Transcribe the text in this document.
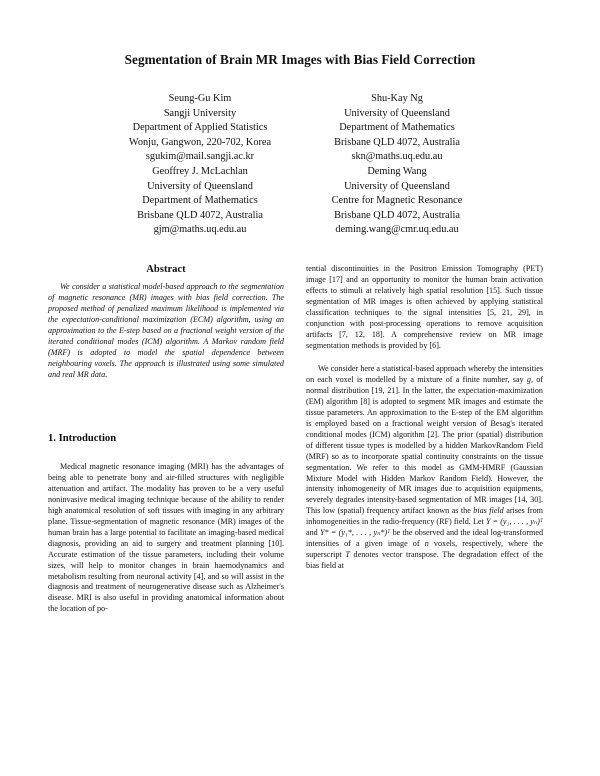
Segmentation of Brain MR Images with Bias Field Correction
Seung-Gu Kim
Sangji University
Department of Applied Statistics
Wonju, Gangwon, 220-702, Korea
sgukim@mail.sangji.ac.kr
Shu-Kay Ng
University of Queensland
Department of Mathematics
Brisbane QLD 4072, Australia
skn@maths.uq.edu.au
Geoffrey J. McLachlan
University of Queensland
Department of Mathematics
Brisbane QLD 4072, Australia
gjm@maths.uq.edu.au
Deming Wang
University of Queensland
Centre for Magnetic Resonance
Brisbane QLD 4072, Australia
deming.wang@cmr.uq.edu.au
Abstract

We consider a statistical model-based approach to the segmentation of magnetic resonance (MR) images with bias field correction. The proposed method of penalized maximum likelihood is implemented via the expectation-conditional maximization (ECM) algorithm, using an approximation to the E-step based on a fractional weight version of the iterated conditional modes (ICM) algorithm. A Markov random field (MRF) is adopted to model the spatial dependence between neighbouring voxels. The approach is illustrated using some simulated and real MR data.

1. Introduction

Medical magnetic resonance imaging (MRI) has the advantages of being able to penetrate bony and air-filled structures with negligible attenuation and artifact. The modality has proven to be a very useful noninvasive medical imaging technique because of the ability to render high anatomical resolution of soft tissues with imaging in any arbitrary plane. Tissue-segmentation of magnetic resonance (MR) images of the human brain has a large potential to facilitate an imaging-based medical diagnosis, providing an aid to surgery and treatment planning [10]. Accurate estimation of the tissue parameters, including their volume sizes, will help to monitor changes in brain haemodynamics and metabolism resulting from neuronal activity [4], and so will assist in the diagnosis and treatment of neurogenerative disease such as Alzheimer's disease. MRI is also useful in providing anatomical information about the location of po-

tential discontinuities in the Positron Emission Tomography (PET) image [17] and an opportunity to monitor the human brain activation effects to stimuli at relatively high spatial resolution [15]. Such tissue segmentation of MR images is often achieved by applying statistical classification techniques to the signal intensities [5, 21, 29], in conjunction with post-processing operations to remove acquisition artifacts [7, 12, 18]. A comprehensive review on MR image segmentation methods is provided by [6].

We consider here a statistical-based approach whereby the intensities on each voxel is modelled by a mixture of a finite number, say g, of normal distribution [19, 21]. In the latter, the expectation-maximization (EM) algorithm [8] is adopted to segment MR images and estimate the tissue parameters. An approximation to the E-step of the EM algorithm is employed based on a fractional weight version of Besag's iterated conditional modes (ICM) algorithm [2]. The prior (spatial) distribution of different tissue types is modelled by a hidden MarkovRandom Field (MRF) so as to incorporate spatial continuity constraints on the tissue segmentation. We refer to this model as GMM-HMRF (Gaussian Mixture Model with Hidden Markov Random Field). However, the intensity inhomogeneity of MR images due to acquisition equipments, severely degrades intensity-based segmentation of MR images [14, 30]. This low (spatial) frequency artifact known as the bias field arises from inhomogeneities in the radio-frequency (RF) field. Let Y = (y₁, . . . , yₙ)ᵀ and Y* = (y₁*, . . . , yₙ*)ᵀ be the observed and the ideal log-transformed intensities of a given image of n voxels, respectively, where the superscript T denotes vector transpose. The degradation effect of the bias field at
